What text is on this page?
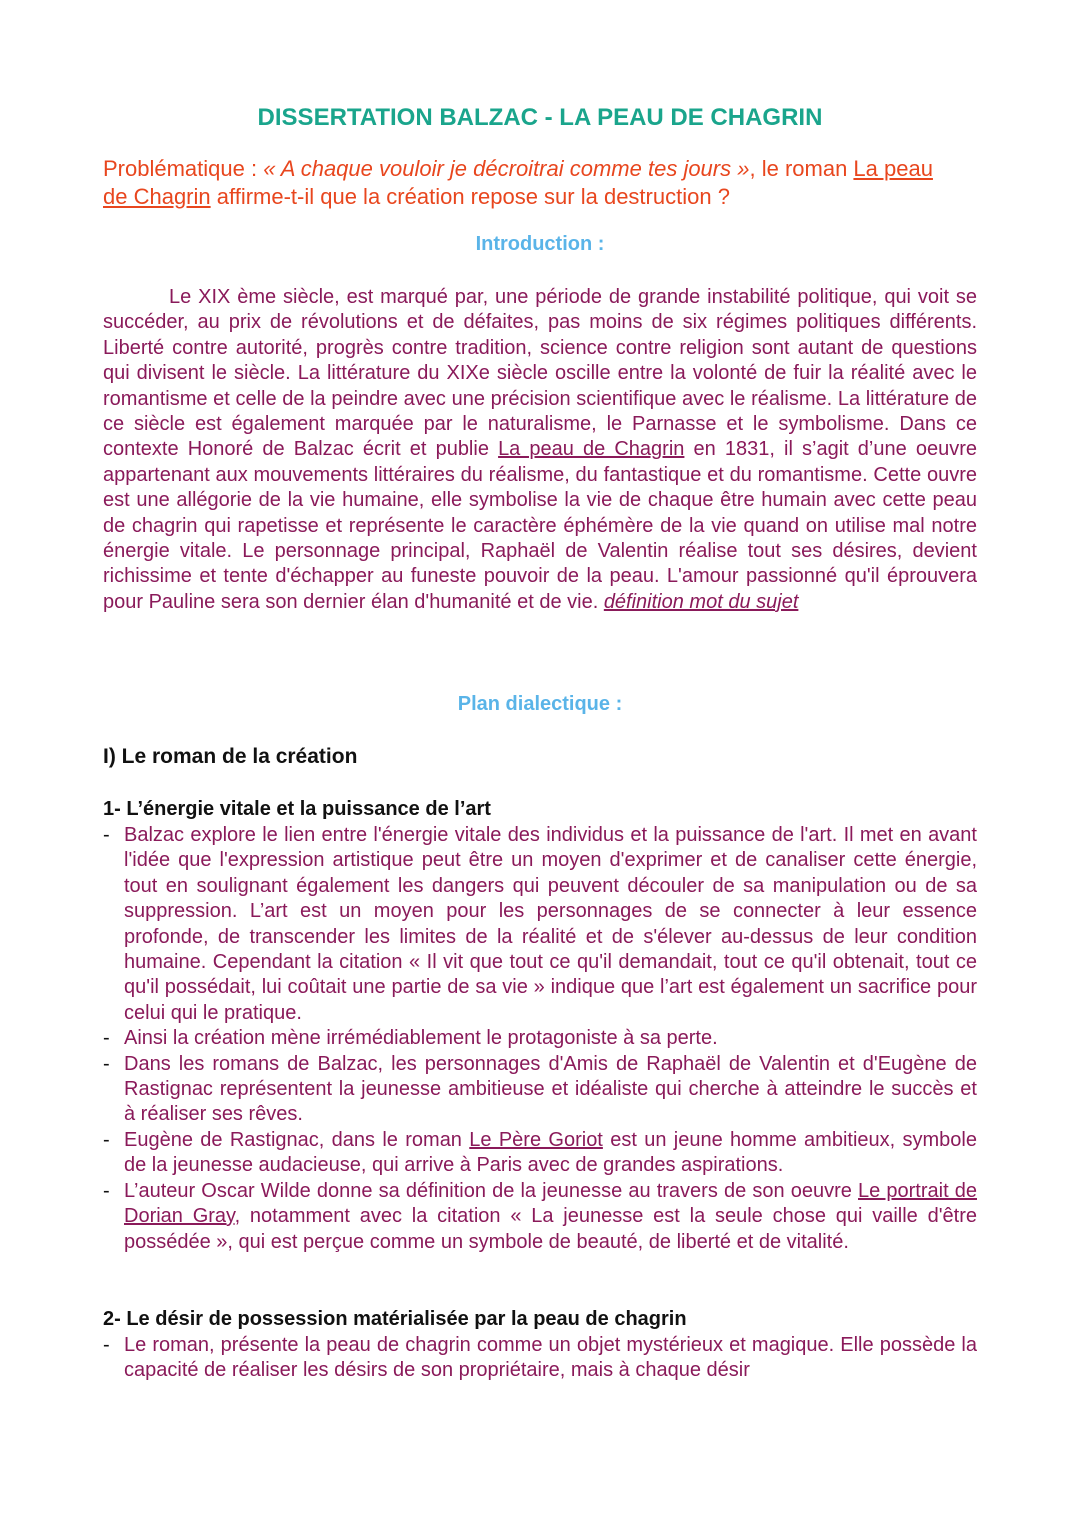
DISSERTATION BALZAC - LA PEAU DE CHAGRIN

Problématique : « A chaque vouloir je décroitrai comme tes jours », le roman La peau de Chagrin affirme-t-il que la création repose sur la destruction ?

Introduction :

Le XIX ème siècle, est marqué par, une période de grande instabilité politique, qui voit se succéder, au prix de révolutions et de défaites, pas moins de six régimes politiques différents. Liberté contre autorité, progrès contre tradition, science contre religion sont autant de questions qui divisent le siècle. La littérature du XIXe siècle oscille entre la volonté de fuir la réalité avec le romantisme et celle de la peindre avec une précision scientifique avec le réalisme. La littérature de ce siècle est également marquée par le naturalisme, le Parnasse et le symbolisme. Dans ce contexte Honoré de Balzac écrit et publie La peau de Chagrin en 1831, il s’agit d’une oeuvre appartenant aux mouvements littéraires du réalisme, du fantastique et du romantisme. Cette ouvre est une allégorie de la vie humaine, elle symbolise la vie de chaque être humain avec cette peau de chagrin qui rapetisse et représente le caractère éphémère de la vie quand on utilise mal notre énergie vitale. Le personnage principal, Raphaël de Valentin réalise tout ses désires, devient richissime et tente d'échapper au funeste pouvoir de la peau. L'amour passionné qu'il éprouvera pour Pauline sera son dernier élan d'humanité et de vie. définition mot du sujet

Plan dialectique :
I) Le roman de la création
1- L’énergie vitale et la puissance de l’art
- Balzac explore le lien entre l'énergie vitale des individus et la puissance de l'art. Il met en avant l'idée que l'expression artistique peut être un moyen d'exprimer et de canaliser cette énergie, tout en soulignant également les dangers qui peuvent découler de sa manipulation ou de sa suppression. L’art est un moyen pour les personnages de se connecter à leur essence profonde, de transcender les limites de la réalité et de s'élever au-dessus de leur condition humaine. Cependant la citation « Il vit que tout ce qu'il demandait, tout ce qu'il obtenait, tout ce qu'il possédait, lui coûtait une partie de sa vie » indique que l’art est également un sacrifice pour celui qui le pratique.
- Ainsi la création mène irrémédiablement le protagoniste à sa perte.
- Dans les romans de Balzac, les personnages d'Amis de Raphaël de Valentin et d'Eugène de Rastignac représentent la jeunesse ambitieuse et idéaliste qui cherche à atteindre le succès et à réaliser ses rêves.
- Eugène de Rastignac, dans le roman Le Père Goriot est un jeune homme ambitieux, symbole de la jeunesse audacieuse, qui arrive à Paris avec de grandes aspirations.
- L’auteur Oscar Wilde donne sa définition de la jeunesse au travers de son oeuvre Le portrait de Dorian Gray, notamment avec la citation « La jeunesse est la seule chose qui vaille d'être possédée », qui est perçue comme un symbole de beauté, de liberté et de vitalité.
2- Le désir de possession matérialisée par la peau de chagrin
- Le roman, présente la peau de chagrin comme un objet mystérieux et magique. Elle possède la capacité de réaliser les désirs de son propriétaire, mais à chaque désir
